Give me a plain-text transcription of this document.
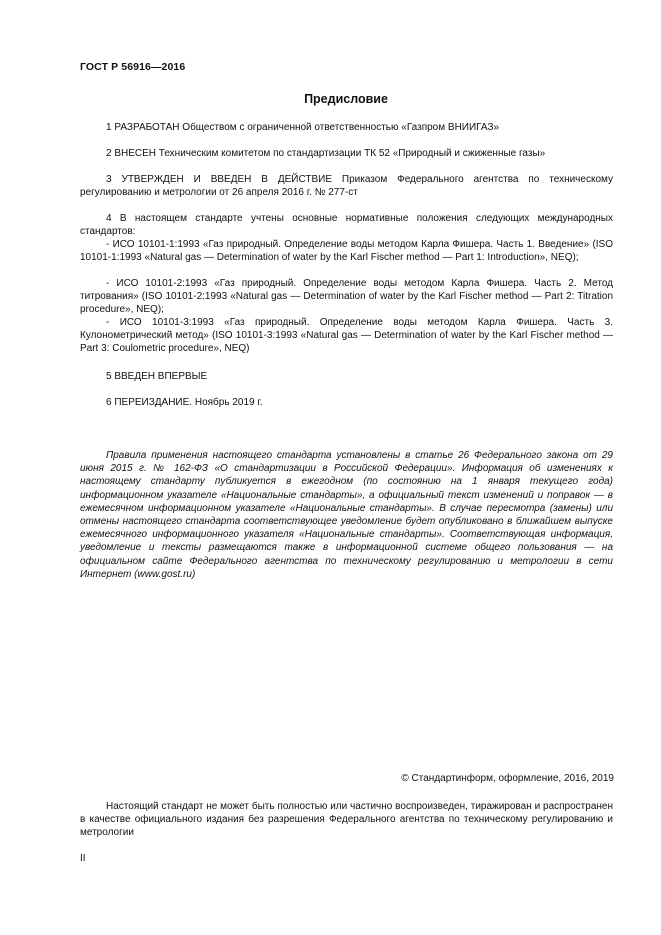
ГОСТ Р 56916—2016
Предисловие

1 РАЗРАБОТАН Обществом с ограниченной ответственностью «Газпром ВНИИГАЗ»

2 ВНЕСЕН Техническим комитетом по стандартизации ТК 52 «Природный и сжиженные газы»

3 УТВЕРЖДЕН И ВВЕДЕН В ДЕЙСТВИЕ Приказом Федерального агентства по техническому регулированию и метрологии от 26 апреля 2016 г. № 277-ст

4 В настоящем стандарте учтены основные нормативные положения следующих международных стандартов:

- ИСО 10101-1:1993 «Газ природный. Определение воды методом Карла Фишера. Часть 1. Введение» (ISO 10101-1:1993 «Natural gas — Determination of water by the Karl Fischer method — Part 1: Introduction», NEQ);

- ИСО 10101-2:1993 «Газ природный. Определение воды методом Карла Фишера. Часть 2. Метод титрования» (ISO 10101-2:1993 «Natural gas — Determination of water by the Karl Fischer method — Part 2: Titration procedure», NEQ);

- ИСО 10101-3:1993 «Газ природный. Определение воды методом Карла Фишера. Часть 3. Кулонометрический метод» (ISO 10101-3:1993 «Natural gas — Determination of water by the Karl Fischer method — Part 3: Coulometric procedure», NEQ)

5 ВВЕДЕН ВПЕРВЫЕ

6 ПЕРЕИЗДАНИЕ. Ноябрь 2019 г.

Правила применения настоящего стандарта установлены в статье 26 Федерального закона от 29 июня 2015 г. № 162-ФЗ «О стандартизации в Российской Федерации». Информация об изменениях к настоящему стандарту публикуется в ежегодном (по состоянию на 1 января текущего года) информационном указателе «Национальные стандарты», а официальный текст изменений и поправок — в ежемесячном информационном указателе «Национальные стандарты». В случае пересмотра (замены) или отмены настоящего стандарта соответствующее уведомление будет опубликовано в ближайшем выпуске ежемесячного информационного указателя «Национальные стандарты». Соответствующая информация, уведомление и тексты размещаются также в информационной системе общего пользования — на официальном сайте Федерального агентства по техническому регулированию и метрологии в сети Интернет (www.gost.ru)

© Стандартинформ, оформление, 2016, 2019

Настоящий стандарт не может быть полностью или частично воспроизведен, тиражирован и распространен в качестве официального издания без разрешения Федерального агентства по техническому регулированию и метрологии

II
